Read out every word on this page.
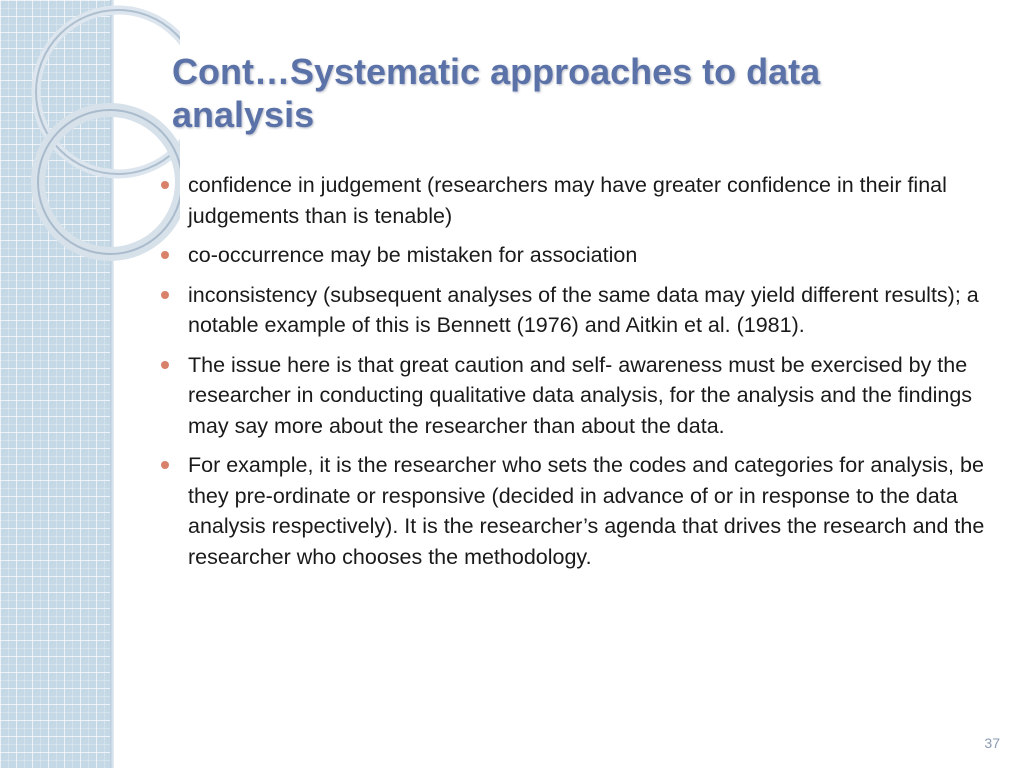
Cont…Systematic approaches to data analysis
confidence in judgement (researchers may have greater confidence in their final judgements than is tenable)
co-occurrence may be mistaken for association
inconsistency (subsequent analyses of the same data may yield different results); a notable example of this is Bennett (1976) and Aitkin et al. (1981).
The issue here is that great caution and self- awareness must be exercised by the researcher in conducting qualitative data analysis, for the analysis and the findings may say more about the researcher than about the data.
For example, it is the researcher who sets the codes and categories for analysis, be they pre-ordinate or responsive (decided in advance of or in response to the data analysis respectively). It is the researcher’s agenda that drives the research and the researcher who chooses the methodology.
37
